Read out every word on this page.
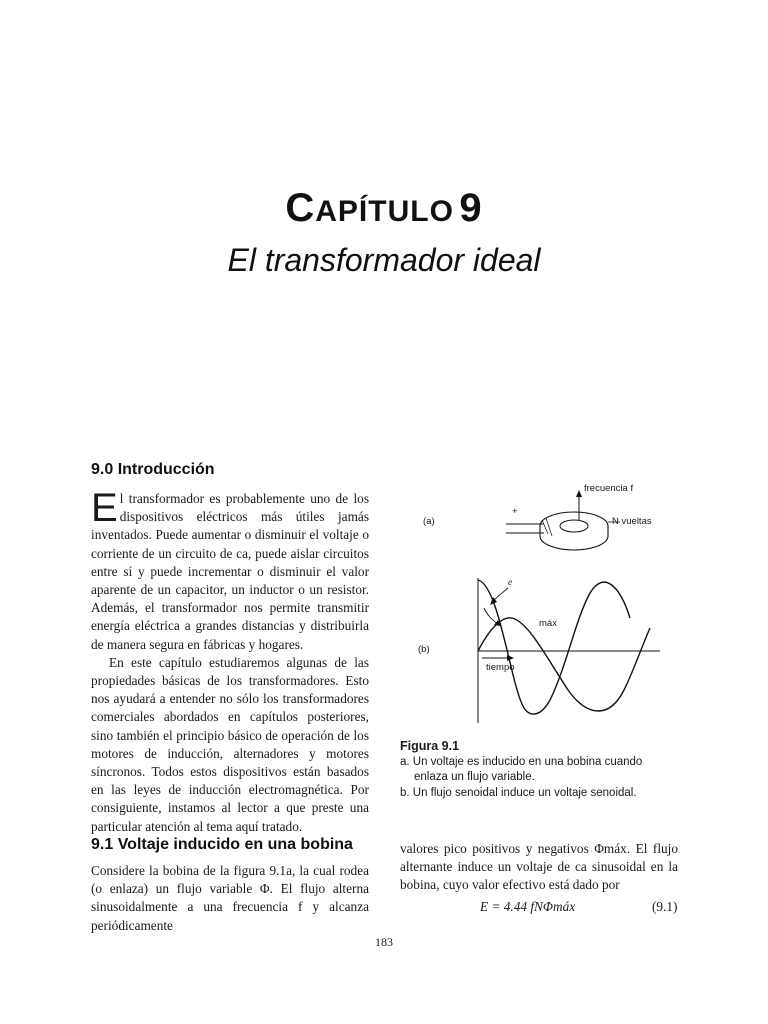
CAPÍTULO 9
El transformador ideal
9.0 Introducción

El transformador es probablemente uno de los dispositivos eléctricos más útiles jamás inventados. Puede aumentar o disminuir el voltaje o corriente de un circuito de ca, puede aislar circuitos entre sí y puede incrementar o disminuir el valor aparente de un capacitor, un inductor o un resistor. Además, el transformador nos permite transmitir energía eléctrica a grandes distancias y distribuirla de manera segura en fábricas y hogares.

En este capítulo estudiaremos algunas de las propiedades básicas de los transformadores. Esto nos ayudará a entender no sólo los transformadores comerciales abordados en capítulos posteriores, sino también el principio básico de operación de los motores de inducción, alternadores y motores síncronos. Todos estos dispositivos están basados en las leyes de inducción electromagnética. Por consiguiente, instamos al lector a que preste una particular atención al tema aquí tratado.

9.1 Voltaje inducido en una bobina

Considere la bobina de la figura 9.1a, la cual rodea (o enlaza) un flujo variable Φ. El flujo alterna sinusoidalmente a una frecuencia f y alcanza periódicamente

(a)
frecuencia f
+
N vueltas
(b)
e
máx
tiempo
Figura 9.1
a. Un voltaje es inducido en una bobina cuando enlaza un flujo variable.
b. Un flujo senoidal induce un voltaje senoidal.

valores pico positivos y negativos Φmáx. El flujo alternante induce un voltaje de ca sinusoidal en la bobina, cuyo valor efectivo está dado por

E = 4.44 fNΦmáx	(9.1)
183
